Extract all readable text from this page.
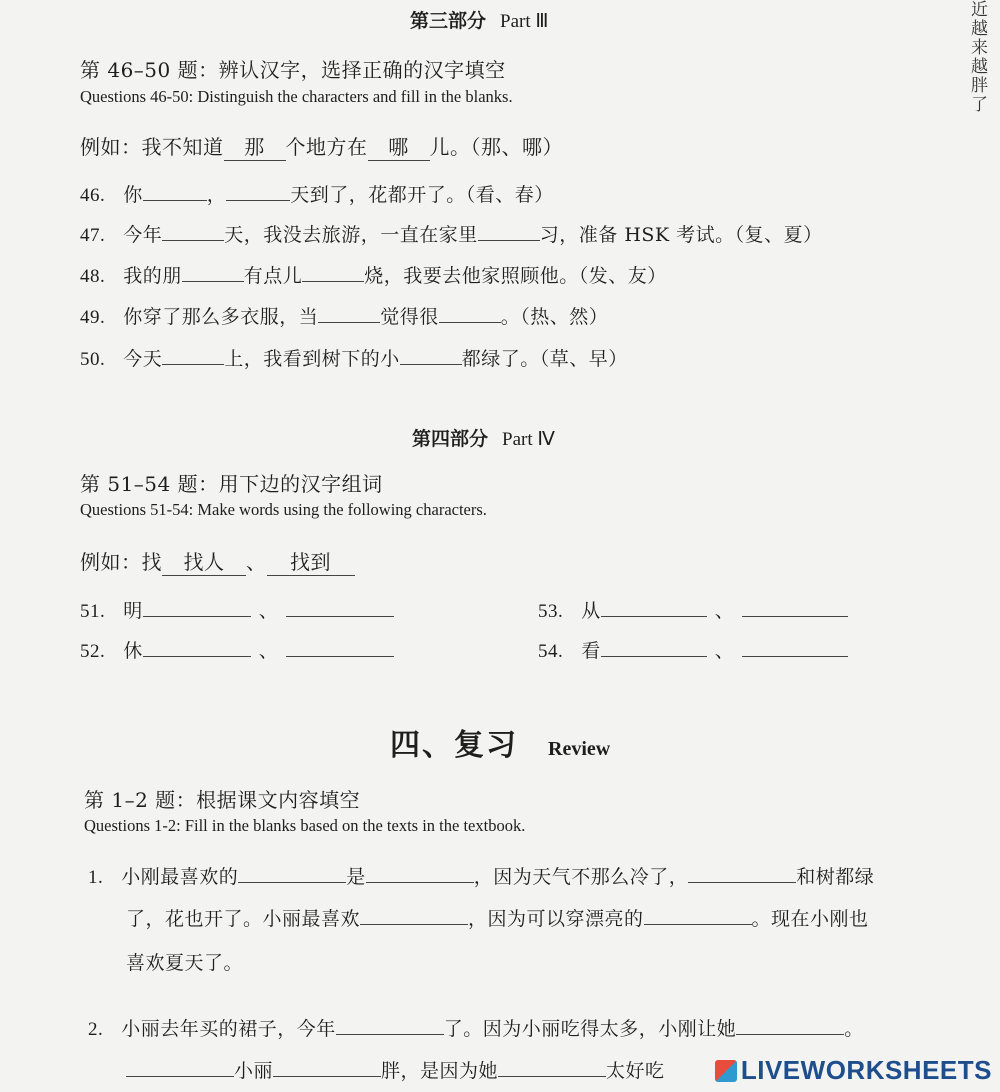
近越来越胖了
第三部分 Part Ⅲ
第 46–50 题：辨认汉字，选择正确的汉字填空
Questions 46-50: Distinguish the characters and fill in the blanks.
例如：我不知道 那 个地方在 哪 儿。（那、哪）
46. 你	，	天到了，花都开了。（看、春）
47. 今年	天，我没去旅游，一直在家里	习，准备 HSK 考试。（复、夏）
48. 我的朋	有点儿	烧，我要去他家照顾他。（发、友）
49. 你穿了那么多衣服，当	觉得很	。（热、然）
50. 今天	上，我看到树下的小	都绿了。（草、早）
第四部分 Part Ⅳ
第 51–54 题：用下边的汉字组词
Questions 51-54: Make words using the following characters.
例如：找 找人 、 找到
51. 明	、
52. 休	、
53. 从	、
54. 看	、
四、复习 Review
第 1–2 题：根据课文内容填空
Questions 1-2: Fill in the blanks based on the texts in the textbook.
1. 小刚最喜欢的	是	，因为天气不那么冷了，	和树都绿
了，花也开了。小丽最喜欢	，因为可以穿漂亮的	。现在小刚也
喜欢夏天了。
2. 小丽去年买的裙子，今年	了。因为小丽吃得太多，小刚让她	。
小丽	胖，是因为她	太好吃	LIVEWORKSHEETS
